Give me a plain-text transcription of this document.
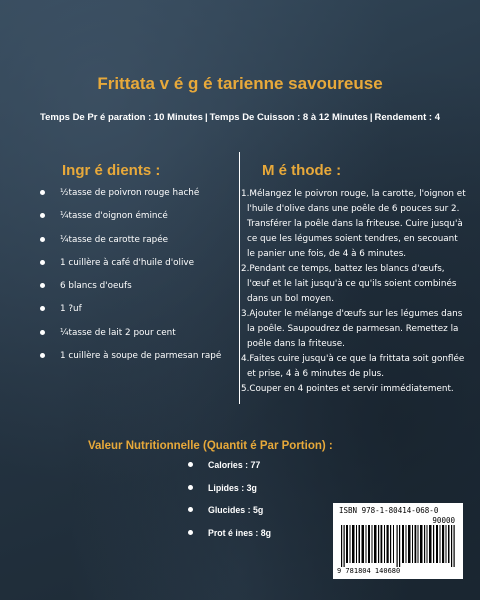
Frittata v é g é tarienne savoureuse
Temps De Pr é paration : 10 Minutes | Temps De Cuisson : 8 à 12 Minutes | Rendement : 4
Ingr é dients :	M é thode :
½tasse de poivron rouge haché
¼tasse d'oignon émincé
¼tasse de carotte rapée
1 cuillère à café d'huile d'olive
6 blancs d'oeufs
1 ?uf
¼tasse de lait 2 pour cent
1 cuillère à soupe de parmesan rapé
1.Mélangez le poivron rouge, la carotte, l'oignon et l'huile d'olive dans une poêle de 6 pouces sur 2. Transférer la poêle dans la friteuse. Cuire jusqu'à ce que les légumes soient tendres, en secouant le panier une fois, de 4 à 6 minutes.
2.Pendant ce temps, battez les blancs d'œufs, l'œuf et le lait jusqu'à ce qu'ils soient combinés dans un bol moyen.
3.Ajouter le mélange d'œufs sur les légumes dans la poêle. Saupoudrez de parmesan. Remettez la poêle dans la friteuse.
4.Faites cuire jusqu'à ce que la frittata soit gonflée et prise, 4 à 6 minutes de plus.
5.Couper en 4 pointes et servir immédiatement.
Valeur Nutritionnelle (Quantit é Par Portion) :
Calories : 77
Lipides : 3g
Glucides : 5g
Prot é ines : 8g
ISBN 978-1-80414-068-0
90000
9 781804 140680
